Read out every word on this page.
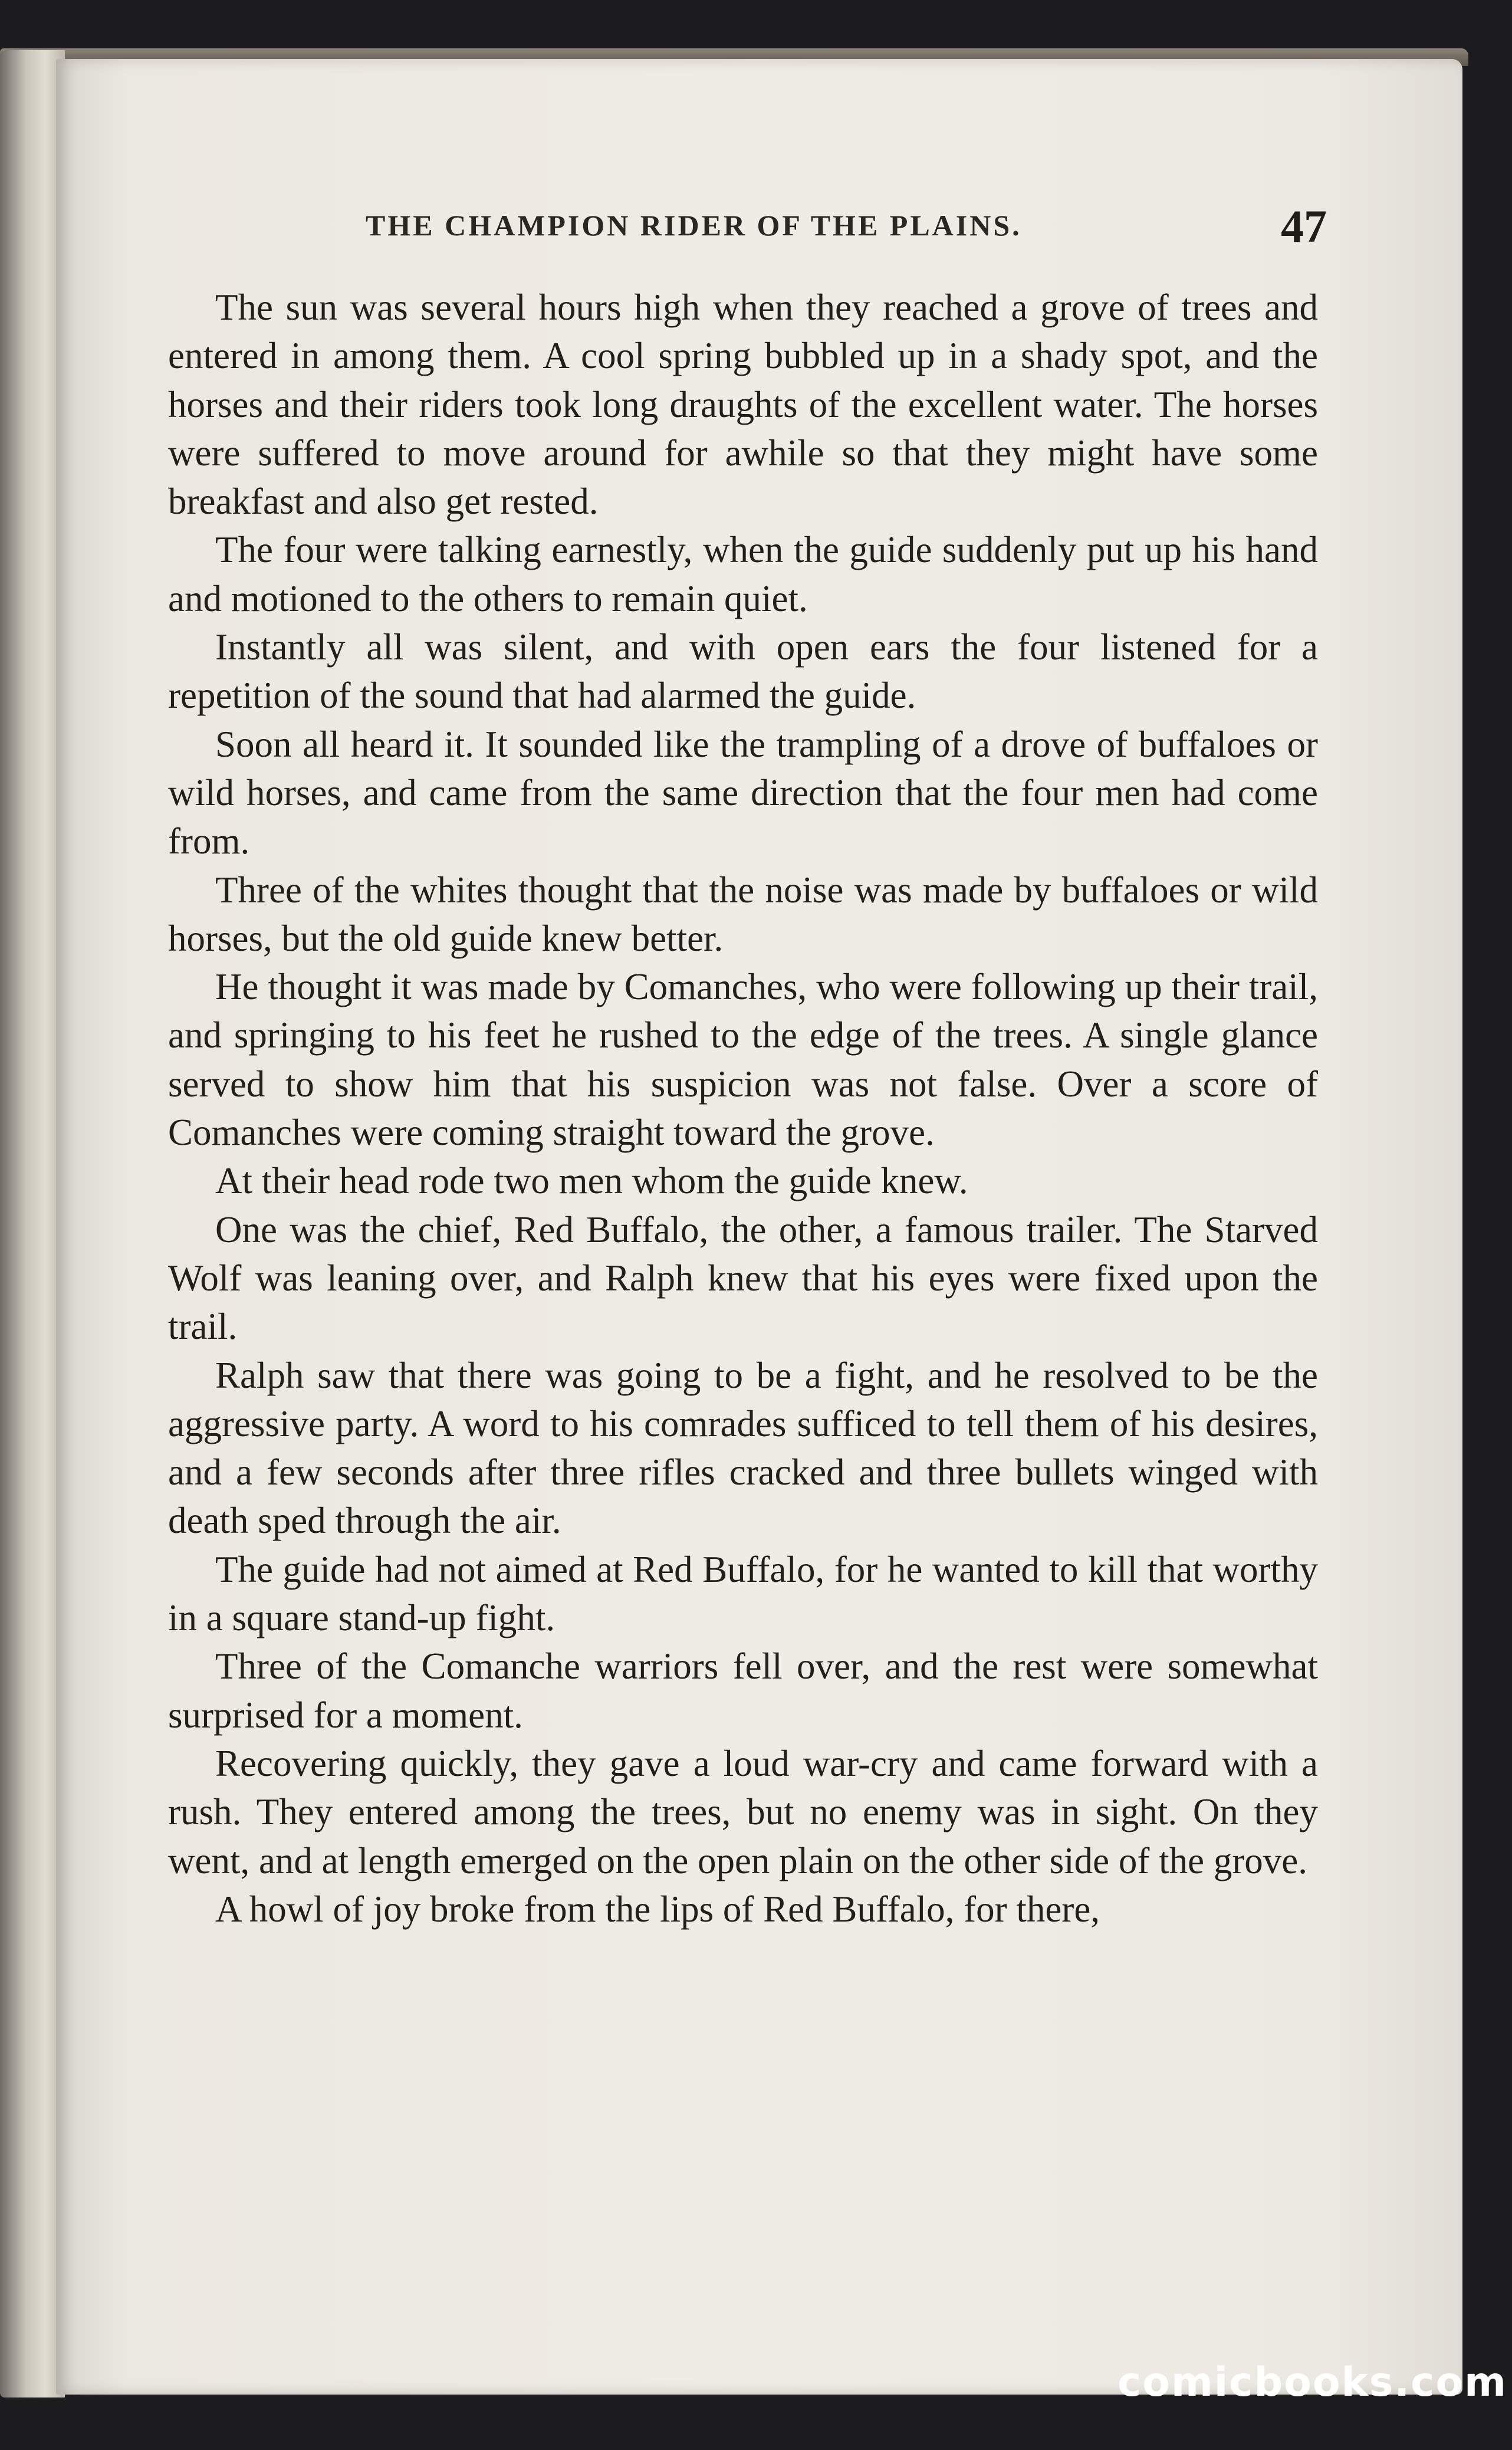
THE CHAMPION RIDER OF THE PLAINS.	47

The sun was several hours high when they reached a grove of trees and entered in among them. A cool spring bubbled up in a shady spot, and the horses and their riders took long draughts of the excellent water. The horses were suffered to move around for awhile so that they might have some breakfast and also get rested.

The four were talking earnestly, when the guide suddenly put up his hand and motioned to the others to remain quiet.

Instantly all was silent, and with open ears the four listened for a repetition of the sound that had alarmed the guide.

Soon all heard it. It sounded like the trampling of a drove of buffaloes or wild horses, and came from the same direction that the four men had come from.

Three of the whites thought that the noise was made by buffaloes or wild horses, but the old guide knew better.

He thought it was made by Comanches, who were following up their trail, and springing to his feet he rushed to the edge of the trees. A single glance served to show him that his suspicion was not false. Over a score of Comanches were coming straight toward the grove.

At their head rode two men whom the guide knew.

One was the chief, Red Buffalo, the other, a famous trailer. The Starved Wolf was leaning over, and Ralph knew that his eyes were fixed upon the trail.

Ralph saw that there was going to be a fight, and he resolved to be the aggressive party. A word to his comrades sufficed to tell them of his desires, and a few seconds after three rifles cracked and three bullets winged with death sped through the air.

The guide had not aimed at Red Buffalo, for he wanted to kill that worthy in a square stand-up fight.

Three of the Comanche warriors fell over, and the rest were somewhat surprised for a moment.

Recovering quickly, they gave a loud war-cry and came forward with a rush. They entered among the trees, but no enemy was in sight. On they went, and at length emerged on the open plain on the other side of the grove.

A howl of joy broke from the lips of Red Buffalo, for there,

comicbooks.com
